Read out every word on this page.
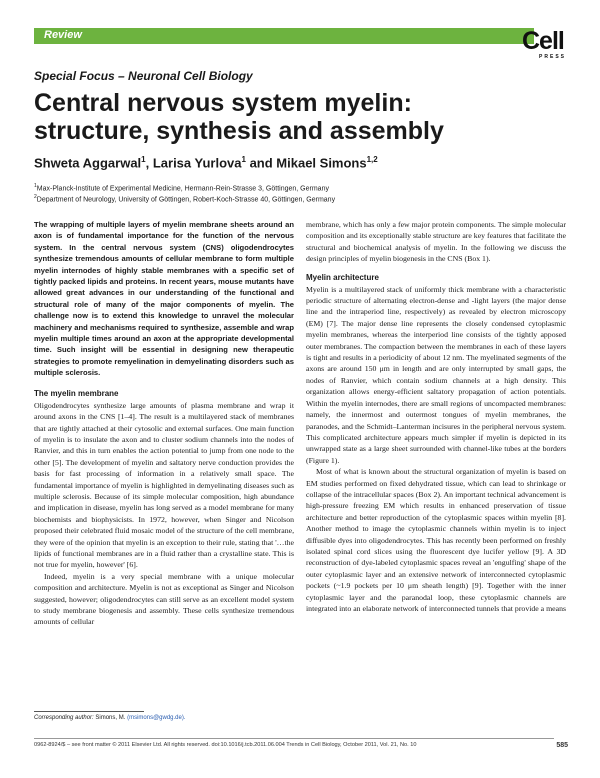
Review	Cell
PRESS
Special Focus – Neuronal Cell Biology
Central nervous system myelin:
structure, synthesis and assembly
Shweta Aggarwal$^1$, Larisa Yurlova$^1$ and Mikael Simons$^{1,2}$
$^1$Max-Planck-Institute of Experimental Medicine, Hermann-Rein-Strasse 3, Göttingen, Germany
$^2$Department of Neurology, University of Göttingen, Robert-Koch-Strasse 40, Göttingen, Germany

The wrapping of multiple layers of myelin membrane sheets around an axon is of fundamental importance for the function of the nervous system. In the central nervous system (CNS) oligodendrocytes synthesize tremendous amounts of cellular membrane to form multiple myelin internodes of highly stable membranes with a specific set of tightly packed lipids and proteins. In recent years, mouse mutants have allowed great advances in our understanding of the functional and structural role of many of the major components of myelin. The challenge now is to extend this knowledge to unravel the molecular machinery and mechanisms required to synthesize, assemble and wrap myelin multiple times around an axon at the appropriate developmental time. Such insight will be essential in designing new therapeutic strategies to promote remyelination in demyelinating disorders such as multiple sclerosis.

The myelin membrane

Oligodendrocytes synthesize large amounts of plasma membrane and wrap it around axons in the CNS [1–4]. The result is a multilayered stack of membranes that are tightly attached at their cytosolic and external surfaces. One main function of myelin is to insulate the axon and to cluster sodium channels into the nodes of Ranvier, and this in turn enables the action potential to jump from one node to the other [5]. The development of myelin and saltatory nerve conduction provides the basis for fast processing of information in a relatively small space. The fundamental importance of myelin is highlighted in demyelinating diseases such as multiple sclerosis. Because of its simple molecular composition, high abundance and implication in disease, myelin has long served as a model membrane for many biochemists and biophysicists. In 1972, however, when Singer and Nicolson proposed their celebrated fluid mosaic model of the structure of the cell membrane, they were of the opinion that myelin is an exception to their rule, stating that '…the lipids of functional membranes are in a fluid rather than a crystalline state. This is not true for myelin, however' [6].

Indeed, myelin is a very special membrane with a unique molecular composition and architecture. Myelin is not as exceptional as Singer and Nicolson suggested, however; oligodendrocytes can still serve as an excellent model system to study membrane biogenesis and assembly. These cells synthesize tremendous amounts of cellular

membrane, which has only a few major protein components. The simple molecular composition and its exceptionally stable structure are key features that facilitate the structural and biochemical analysis of myelin. In the following we discuss the design principles of myelin biogenesis in the CNS (Box 1).

Myelin architecture

Myelin is a multilayered stack of uniformly thick membrane with a characteristic periodic structure of alternating electron-dense and -light layers (the major dense line and the intraperiod line, respectively) as revealed by electron microscopy (EM) [7]. The major dense line represents the closely condensed cytoplasmic myelin membranes, whereas the interperiod line consists of the tightly apposed outer membranes. The compaction between the membranes in each of these layers is tight and results in a periodicity of about 12 nm. The myelinated segments of the axons are around 150 μm in length and are only interrupted by small gaps, the nodes of Ranvier, which contain sodium channels at a high density. This organization allows energy-efficient saltatory propagation of action potentials. Within the myelin internodes, there are small regions of uncompacted membranes: namely, the innermost and outermost tongues of myelin membranes, the paranodes, and the Schmidt–Lanterman incisures in the peripheral nervous system. This complicated architecture appears much simpler if myelin is depicted in its unwrapped state as a large sheet surrounded with channel-like tubes at the borders (Figure 1).

Most of what is known about the structural organization of myelin is based on EM studies performed on fixed dehydrated tissue, which can lead to shrinkage or collapse of the intracellular spaces (Box 2). An important technical advancement is high-pressure freezing EM which results in enhanced preservation of tissue architecture and better reproduction of the cytoplasmic spaces within myelin [8]. Another method to image the cytoplasmic channels within myelin is to inject diffusible dyes into oligodendrocytes. This has recently been performed on freshly isolated spinal cord slices using the fluorescent dye lucifer yellow [9]. A 3D reconstruction of dye-labeled cytoplasmic spaces reveal an 'engulfing' shape of the outer cytoplasmic layer and an extensive network of interconnected cytoplasmic pockets (~1.9 pockets per 10 μm sheath length) [9]. Together with the inner cytoplasmic layer and the paranodal loop, these cytoplasmic channels are integrated into an elaborate network of interconnected tunnels that provide a means

Corresponding author: Simons, M. (msimons@gwdg.de).
0962-8924/$ – see front matter © 2011 Elsevier Ltd. All rights reserved. doi:10.1016/j.tcb.2011.06.004 Trends in Cell Biology, October 2011, Vol. 21, No. 10	585
